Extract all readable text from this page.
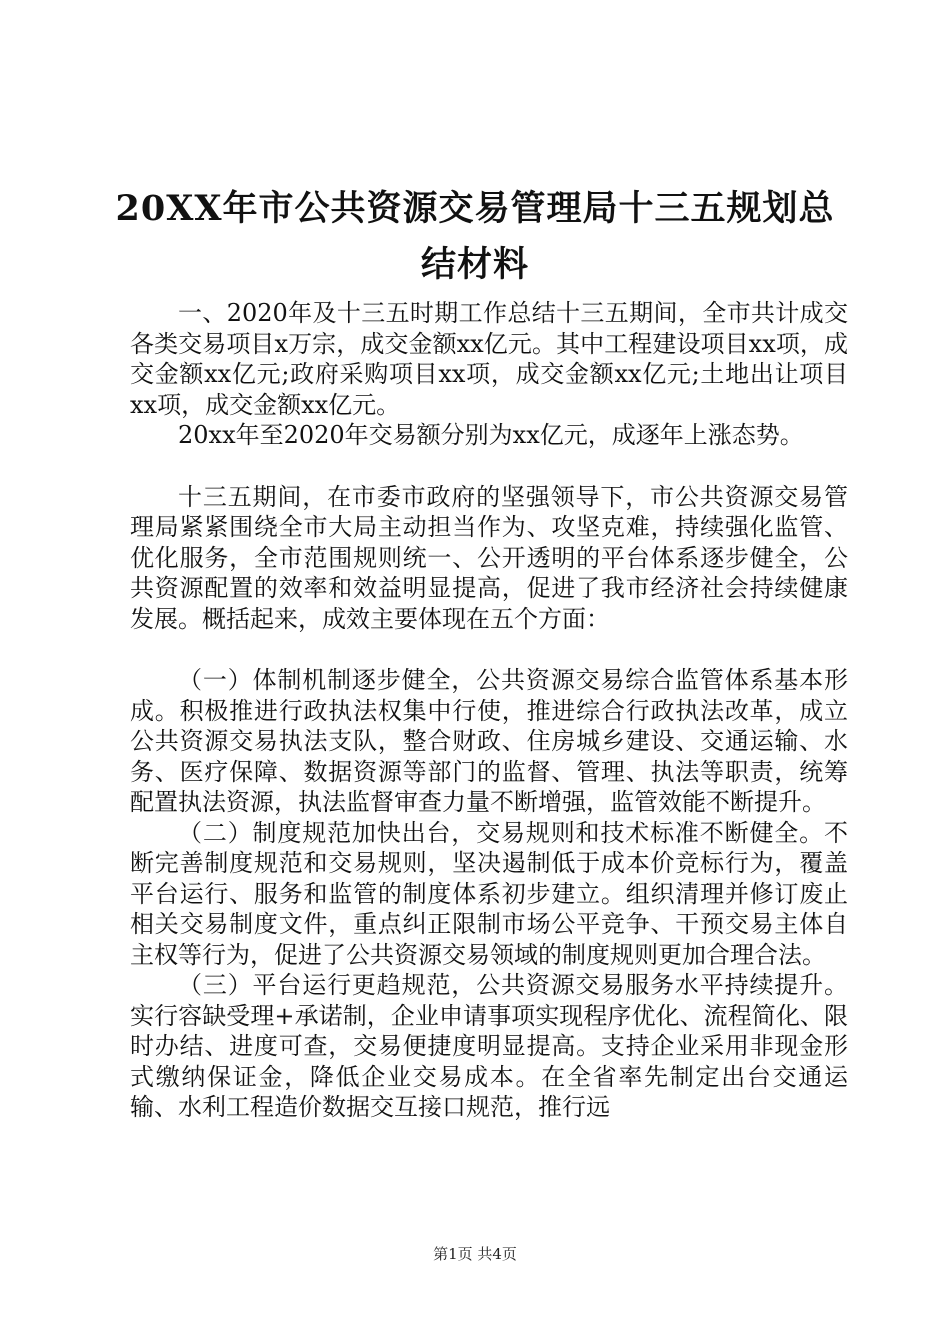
20XX年市公共资源交易管理局十三五规划总
结材料

一、2020年及十三五时期工作总结十三五期间，全市共计成交各类交易项目x万宗，成交金额xx亿元。其中工程建设项目xx项，成交金额xx亿元;政府采购项目xx项，成交金额xx亿元;土地出让项目xx项，成交金额xx亿元。

20xx年至2020年交易额分别为xx亿元，成逐年上涨态势。

十三五期间，在市委市政府的坚强领导下，市公共资源交易管理局紧紧围绕全市大局主动担当作为、攻坚克难，持续强化监管、优化服务，全市范围规则统一、公开透明的平台体系逐步健全，公共资源配置的效率和效益明显提高，促进了我市经济社会持续健康发展。概括起来，成效主要体现在五个方面：

（一）体制机制逐步健全，公共资源交易综合监管体系基本形成。积极推进行政执法权集中行使，推进综合行政执法改革，成立公共资源交易执法支队，整合财政、住房城乡建设、交通运输、水务、医疗保障、数据资源等部门的监督、管理、执法等职责，统筹配置执法资源，执法监督审查力量不断增强，监管效能不断提升。

（二）制度规范加快出台，交易规则和技术标准不断健全。不断完善制度规范和交易规则，坚决遏制低于成本价竞标行为，覆盖平台运行、服务和监管的制度体系初步建立。组织清理并修订废止相关交易制度文件，重点纠正限制市场公平竞争、干预交易主体自主权等行为，促进了公共资源交易领域的制度规则更加合理合法。

（三）平台运行更趋规范，公共资源交易服务水平持续提升。实行容缺受理+承诺制，企业申请事项实现程序优化、流程简化、限时办结、进度可查，交易便捷度明显提高。支持企业采用非现金形式缴纳保证金，降低企业交易成本。在全省率先制定出台交通运输、水利工程造价数据交互接口规范，推行远

第1页 共4页
